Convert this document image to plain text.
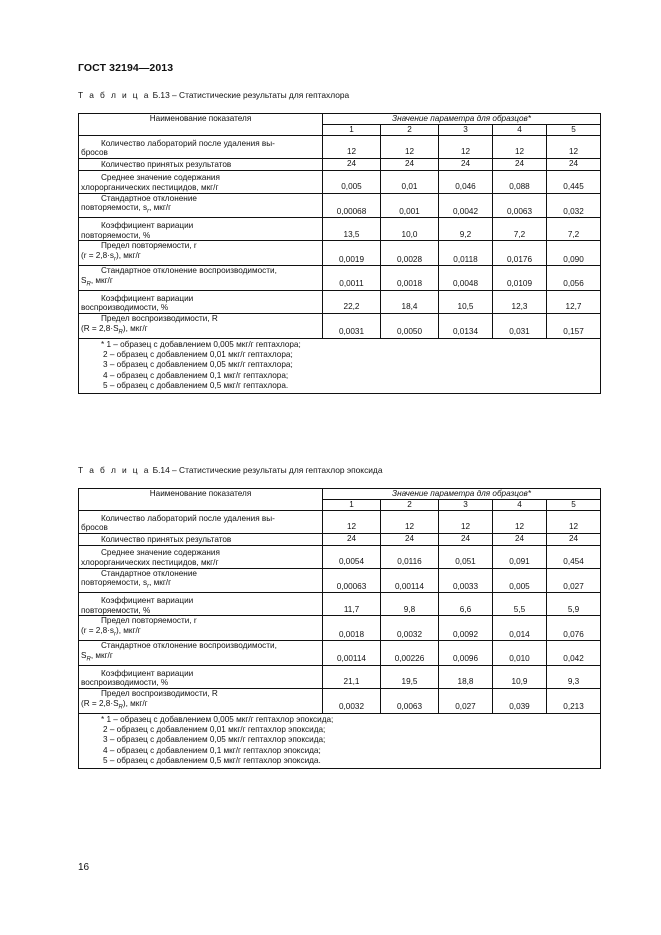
ГОСТ 32194—2013
Т а б л и ц а Б.13 – Статистические результаты для гептахлора
Наименование показателя	Значение параметра для образцов*				
	1	2	3	4	5
Количество лабораторий после удаления вы-
бросов	12	12	12	12	12
Количество принятых результатов	24	24	24	24	24
Среднее значение содержания
хлорорганических пестицидов, мкг/г	0,005	0,01	0,046	0,088	0,445
Стандартное отклонение
повторяемости, $s_r$, мкг/г	0,00068	0,001	0,0042	0,0063	0,032
Коэффициент вариации
повторяемости, %	13,5	10,0	9,2	7,2	7,2
Предел повторяемости, r
$(r = 2,8\cdot s_r)$, мкг/г	0,0019	0,0028	0,0118	0,0176	0,090
Стандартное отклонение воспроизводимости,
$S_R$, мкг/г	0,0011	0,0018	0,0048	0,0109	0,056
Коэффициент вариации
воспроизводимости, %	22,2	18,4	10,5	12,3	12,7
Предел воспроизводимости, R
$(R = 2,8\cdot S_R)$, мкг/г	0,0031	0,0050	0,0134	0,031	0,157

* 1 – образец с добавлением 0,005 мкг/г гептахлора;
2 – образец с добавлением 0,01 мкг/г гептахлора;
3 – образец с добавлением 0,05 мкг/г гептахлора;
4 – образец с добавлением 0,1 мкг/г гептахлора;
5 – образец с добавлением 0,5 мкг/г гептахлора.					
Т а б л и ц а Б.14 – Статистические результаты для гептахлор эпоксида
Наименование показателя	Значение параметра для образцов*				
	1	2	3	4	5
Количество лабораторий после удаления вы-
бросов	12	12	12	12	12
Количество принятых результатов	24	24	24	24	24
Среднее значение содержания
хлорорганических пестицидов, мкг/г	0,0054	0,0116	0,051	0,091	0,454
Стандартное отклонение
повторяемости, $s_r$, мкг/г	0,00063	0,00114	0,0033	0,005	0,027
Коэффициент вариации
повторяемости, %	11,7	9,8	6,6	5,5	5,9
Предел повторяемости, r
$(r = 2,8\cdot s_r)$, мкг/г	0,0018	0,0032	0,0092	0,014	0,076
Стандартное отклонение воспроизводимости,
$S_R$, мкг/г	0,00114	0,00226	0,0096	0,010	0,042
Коэффициент вариации
воспроизводимости, %	21,1	19,5	18,8	10,9	9,3
Предел воспроизводимости, R
$(R = 2,8\cdot S_R)$, мкг/г	0,0032	0,0063	0,027	0,039	0,213

* 1 – образец с добавлением 0,005 мкг/г гептахлор эпоксида;
2 – образец с добавлением 0,01 мкг/г гептахлор эпоксида;
3 – образец с добавлением 0,05 мкг/г гептахлор эпоксида;
4 – образец с добавлением 0,1 мкг/г гептахлор эпоксида;
5 – образец с добавлением 0,5 мкг/г гептахлор эпоксида.					
16
